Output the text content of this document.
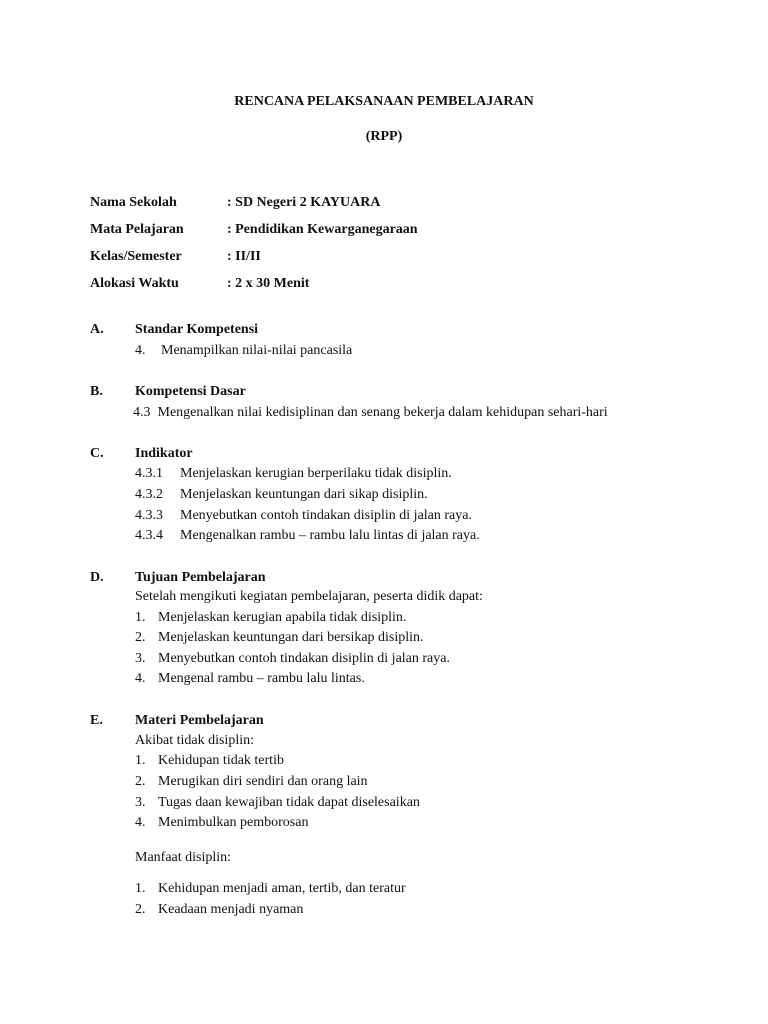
RENCANA PELAKSANAAN PEMBELAJARAN
(RPP)
Nama Sekolah	: SD Negeri 2 KAYUARA
Mata Pelajaran	: Pendidikan Kewarganegaraan
Kelas/Semester	: II/II
Alokasi Waktu	: 2 x 30 Menit
A. Standar Kompetensi
4. Menampilkan nilai-nilai pancasila
B. Kompetensi Dasar
4.3  Mengenalkan nilai kedisiplinan dan senang bekerja dalam kehidupan sehari-hari
C. Indikator
4.3.1 Menjelaskan kerugian berperilaku tidak disiplin.
4.3.2 Menjelaskan keuntungan dari sikap disiplin.
4.3.3 Menyebutkan contoh tindakan disiplin di jalan raya.
4.3.4 Mengenalkan rambu – rambu lalu lintas di jalan raya.
D. Tujuan Pembelajaran
Setelah mengikuti kegiatan pembelajaran, peserta didik dapat:
1. Menjelaskan kerugian apabila tidak disiplin.
2. Menjelaskan keuntungan dari bersikap disiplin.
3. Menyebutkan contoh tindakan disiplin di jalan raya.
4. Mengenal rambu – rambu lalu lintas.
E. Materi Pembelajaran
Akibat tidak disiplin:
1. Kehidupan tidak tertib
2. Merugikan diri sendiri dan orang lain
3. Tugas daan kewajiban tidak dapat diselesaikan
4. Menimbulkan pemborosan
Manfaat disiplin:
1. Kehidupan menjadi aman, tertib, dan teratur
2. Keadaan menjadi nyaman
